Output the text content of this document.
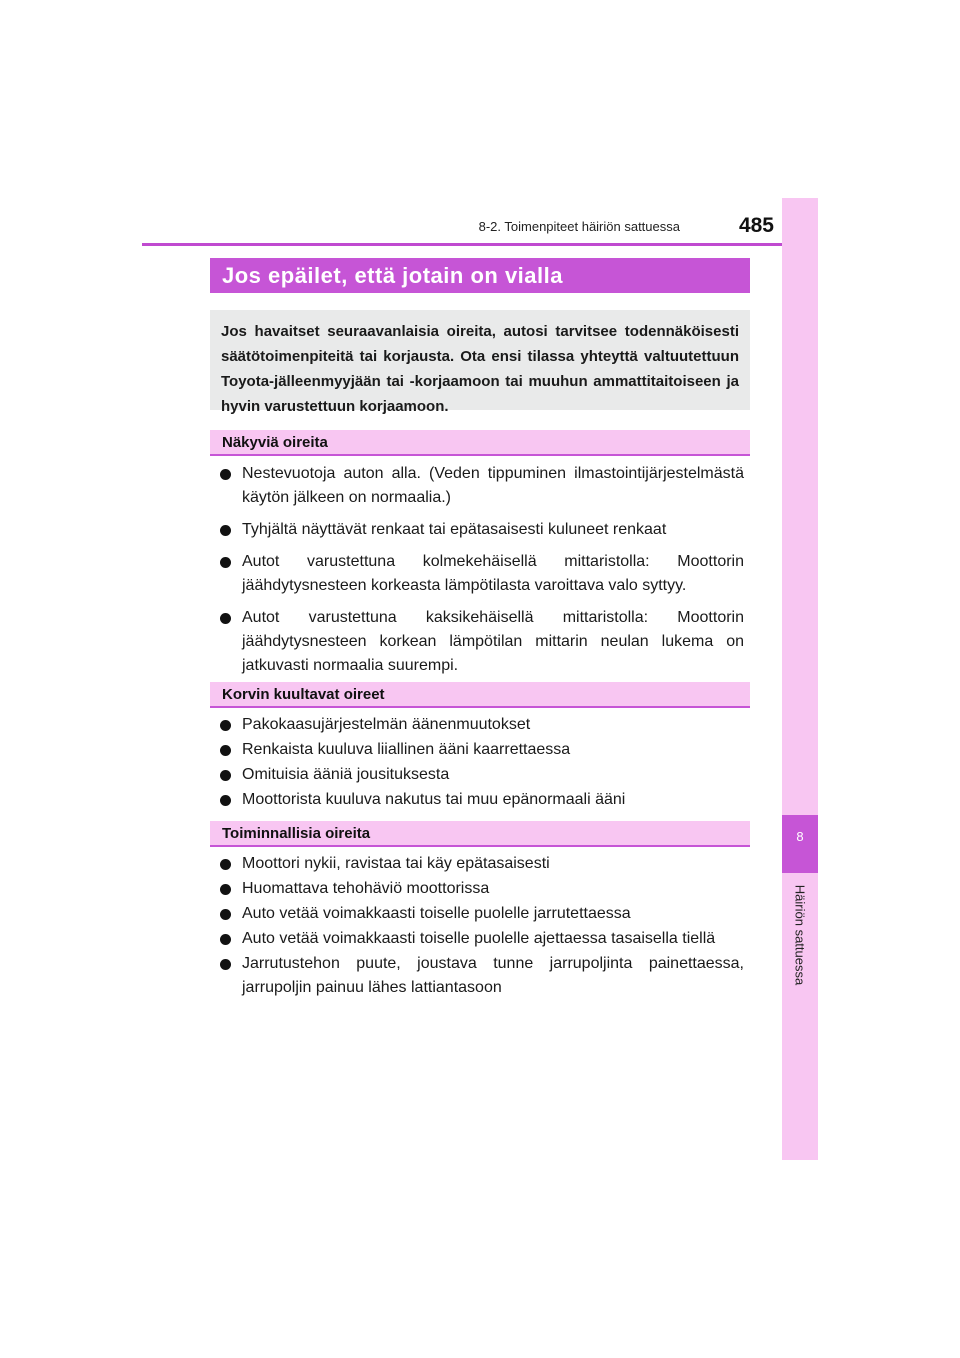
8-2. Toimenpiteet häiriön sattuessa	485
8
Häiriön sattuessa
Jos epäilet, että jotain on vialla
Jos havaitset seuraavanlaisia oireita, autosi tarvitsee todennäköisesti säätötoimenpiteitä tai korjausta. Ota ensi tilassa yhteyttä valtuutettuun Toyota-jälleenmyyjään tai -korjaamoon tai muuhun ammattitaitoiseen ja hyvin varustettuun korjaamoon.
Näkyviä oireita
Nestevuotoja auton alla. (Veden tippuminen ilmastointijärjestelmästä käytön jälkeen on normaalia.)
Tyhjältä näyttävät renkaat tai epätasaisesti kuluneet renkaat
Autot varustettuna kolmekehäisellä mittaristolla: Moottorin jäähdytysnesteen korkeasta lämpötilasta varoittava valo syttyy.
Autot varustettuna kaksikehäisellä mittaristolla: Moottorin jäähdytysnesteen korkean lämpötilan mittarin neulan lukema on jatkuvasti normaalia suurempi.
Korvin kuultavat oireet
Pakokaasujärjestelmän äänenmuutokset
Renkaista kuuluva liiallinen ääni kaarrettaessa
Omituisia ääniä jousituksesta
Moottorista kuuluva nakutus tai muu epänormaali ääni
Toiminnallisia oireita
Moottori nykii, ravistaa tai käy epätasaisesti
Huomattava tehohäviö moottorissa
Auto vetää voimakkaasti toiselle puolelle jarrutettaessa
Auto vetää voimakkaasti toiselle puolelle ajettaessa tasaisella tiellä
Jarrutustehon puute, joustava tunne jarrupoljinta painettaessa, jarrupoljin painuu lähes lattiantasoon
